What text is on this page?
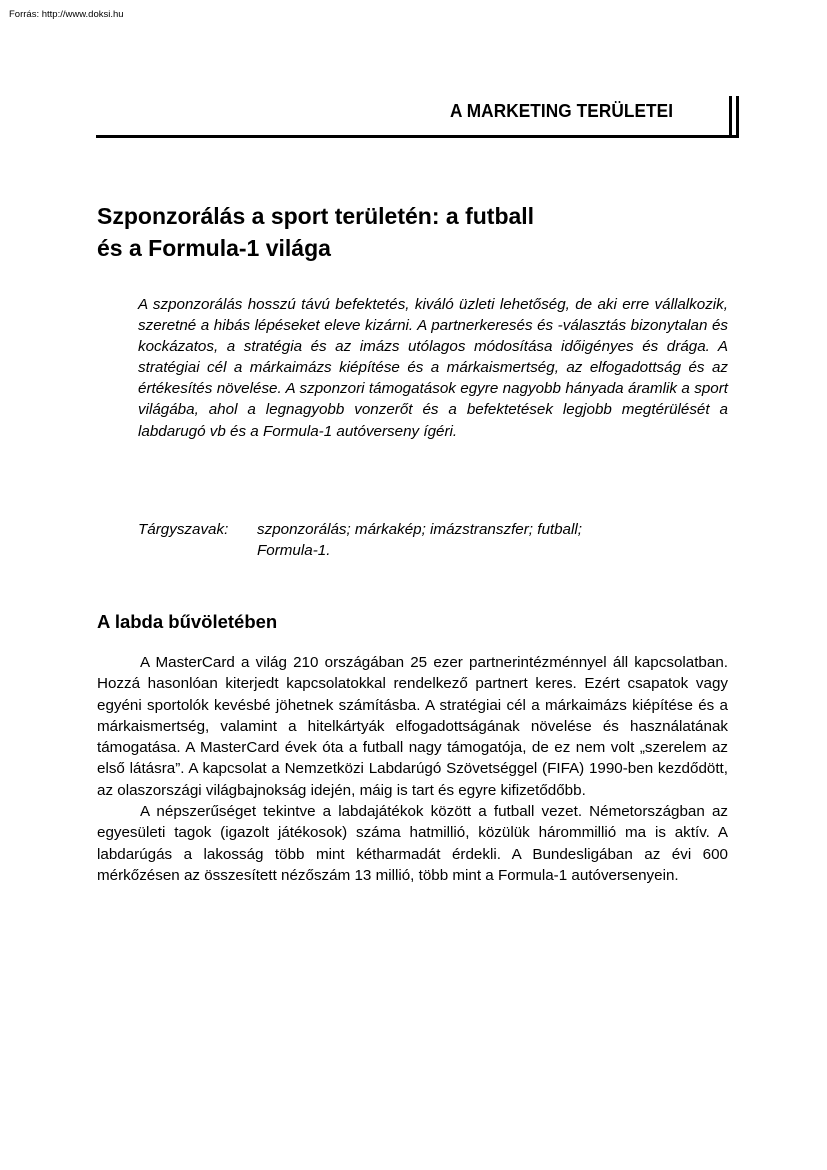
Forrás: http://www.doksi.hu
A MARKETING TERÜLETEI
Szponzorálás a sport területén: a futball
és a Formula-1 világa

A szponzorálás hosszú távú befektetés, kiváló üzleti lehetőség, de aki erre vállalkozik, szeretné a hibás lépéseket eleve kizárni. A partnerkeresés és -választás bizonytalan és kockázatos, a stratégia és az imázs utólagos módosítása időigényes és drága. A stratégiai cél a márkaimázs kiépítése és a márkaismertség, az elfogadottság és az értékesítés növelése. A szponzori támogatások egyre nagyobb hányada áramlik a sport világába, ahol a legnagyobb vonzerőt és a befektetések legjobb megtérülését a labdarugó vb és a Formula-1 autóverseny ígéri.

Tárgyszavak: szponzorálás; márkakép; imázstranszfer; futball;
Formula-1.
A labda bűvöletében

A MasterCard a világ 210 országában 25 ezer partnerintézménnyel áll kapcsolatban. Hozzá hasonlóan kiterjedt kapcsolatokkal rendelkező partnert keres. Ezért csapatok vagy egyéni sportolók kevésbé jöhetnek számításba. A stratégiai cél a márkaimázs kiépítése és a márkaismertség, valamint a hitelkártyák elfogadottságának növelése és használatának támogatása. A MasterCard évek óta a futball nagy támogatója, de ez nem volt „szerelem az első látásra”. A kapcsolat a Nemzetközi Labdarúgó Szövetséggel (FIFA) 1990-ben kezdődött, az olaszországi világbajnokság idején, máig is tart és egyre kifizetődőbb.

A népszerűséget tekintve a labdajátékok között a futball vezet. Németországban az egyesületi tagok (igazolt játékosok) száma hatmillió, közülük hárommillió ma is aktív. A labdarúgás a lakosság több mint kétharmadát érdekli. A Bundesligában az évi 600 mérkőzésen az összesített nézőszám 13 millió, több mint a Formula-1 autóversenyein.
